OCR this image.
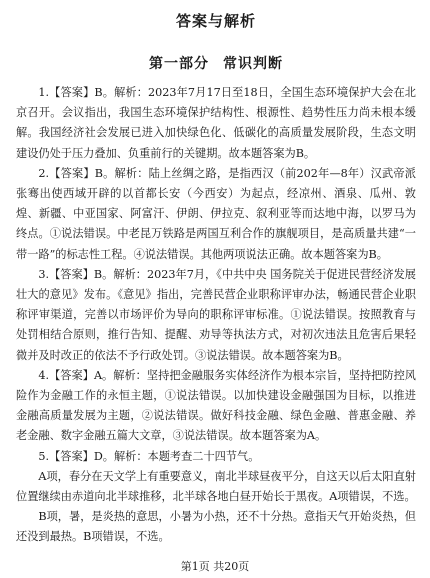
答案与解析
第一部分 常识判断

1.【答案】B。解析：2023年7月17日至18日，全国生态环境保护大会在北京召开。会议指出，我国生态环境保护结构性、根源性、趋势性压力尚未根本缓解。我国经济社会发展已进入加快绿色化、低碳化的高质量发展阶段，生态文明建设仍处于压力叠加、负重前行的关键期。故本题答案为B。

2.【答案】B。解析：陆上丝绸之路，是指西汉（前202年—8年）汉武帝派张骞出使西域开辟的以首都长安（今西安）为起点，经凉州、酒泉、瓜州、敦煌、新疆、中亚国家、阿富汗、伊朗、伊拉克、叙利亚等而达地中海，以罗马为终点。①说法错误。中老昆万铁路是两国互利合作的旗舰项目，是高质量共建“一带一路”的标志性工程。④说法错误。其他两项说法正确。故本题答案为B。

3.【答案】B。解析：2023年7月，《中共中央 国务院关于促进民营经济发展壮大的意见》发布。《意见》指出，完善民营企业职称评审办法，畅通民营企业职称评审渠道，完善以市场评价为导向的职称评审标准。①说法错误。按照教育与处罚相结合原则，推行告知、提醒、劝导等执法方式，对初次违法且危害后果轻微并及时改正的依法不予行政处罚。③说法错误。故本题答案为B。

4.【答案】A。解析：坚持把金融服务实体经济作为根本宗旨，坚持把防控风险作为金融工作的永恒主题，①说法错误。以加快建设金融强国为目标，以推进金融高质量发展为主题，②说法错误。做好科技金融、绿色金融、普惠金融、养老金融、数字金融五篇大文章，③说法错误。故本题答案为A。

5.【答案】D。解析：本题考查二十四节气。

A项，春分在天文学上有重要意义，南北半球昼夜平分，自这天以后太阳直射位置继续由赤道向北半球推移，北半球各地白昼开始长于黑夜。A项错误，不选。

B项，暑，是炎热的意思，小暑为小热，还不十分热。意指天气开始炎热，但还没到最热。B项错误，不选。

第1页 共20页
